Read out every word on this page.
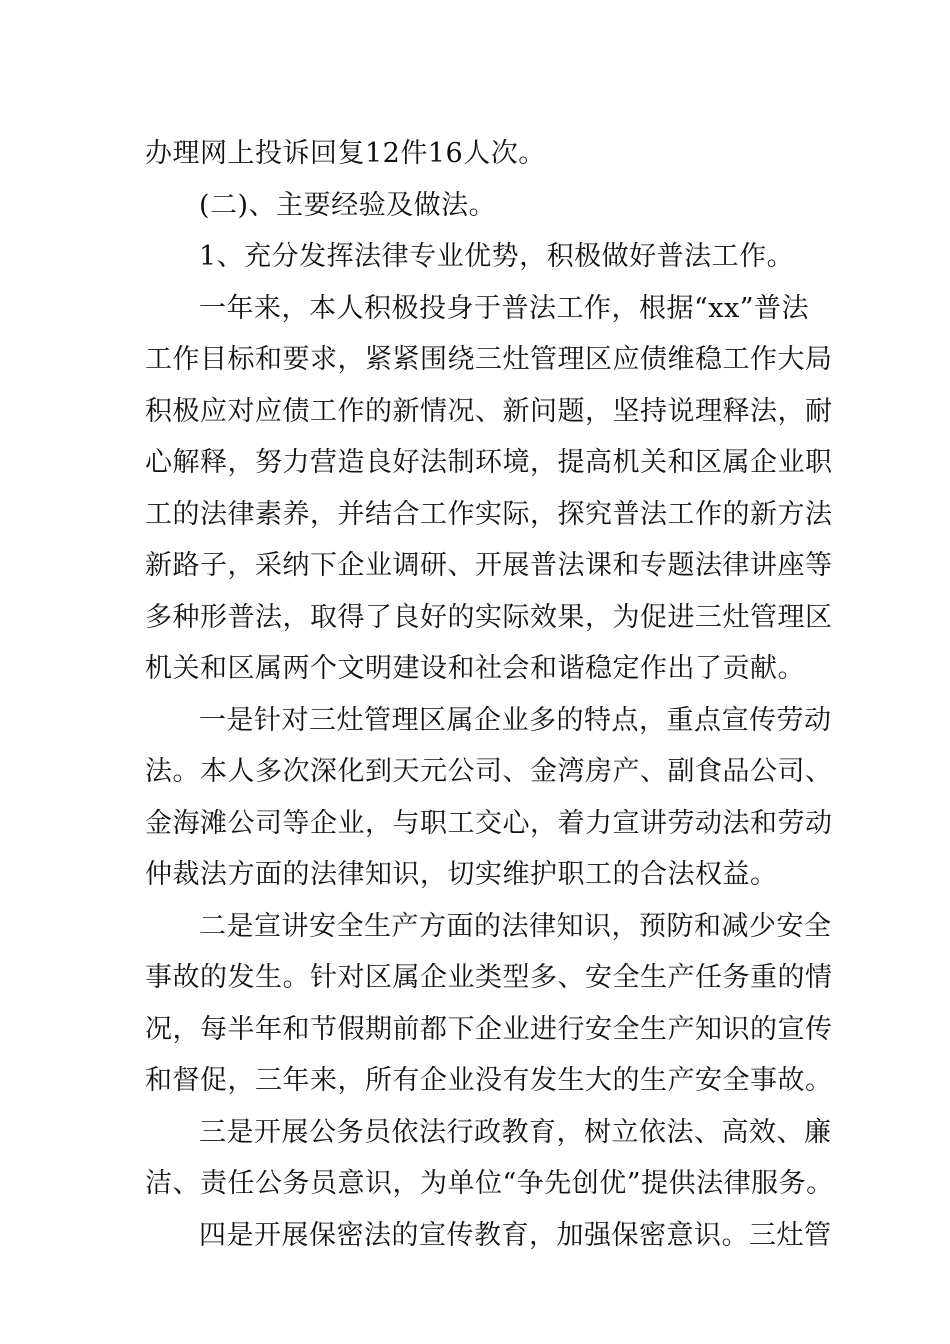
办理网上投诉回复12件16人次。
(二)、主要经验及做法。
1、充分发挥法律专业优势，积极做好普法工作。
一年来，本人积极投身于普法工作，根据“xx”普法
工作目标和要求，紧紧围绕三灶管理区应债维稳工作大局
积极应对应债工作的新情况、新问题，坚持说理释法，耐
心解释，努力营造良好法制环境，提高机关和区属企业职
工的法律素养，并结合工作实际，探究普法工作的新方法
新路子，采纳下企业调研、开展普法课和专题法律讲座等
多种形普法，取得了良好的实际效果，为促进三灶管理区
机关和区属两个文明建设和社会和谐稳定作出了贡献。
一是针对三灶管理区属企业多的特点，重点宣传劳动
法。本人多次深化到天元公司、金湾房产、副食品公司、
金海滩公司等企业，与职工交心，着力宣讲劳动法和劳动
仲裁法方面的法律知识，切实维护职工的合法权益。
二是宣讲安全生产方面的法律知识，预防和减少安全
事故的发生。针对区属企业类型多、安全生产任务重的情
况，每半年和节假期前都下企业进行安全生产知识的宣传
和督促，三年来，所有企业没有发生大的生产安全事故。
三是开展公务员依法行政教育，树立依法、高效、廉
洁、责任公务员意识，为单位“争先创优”提供法律服务。
四是开展保密法的宣传教育，加强保密意识。三灶管
